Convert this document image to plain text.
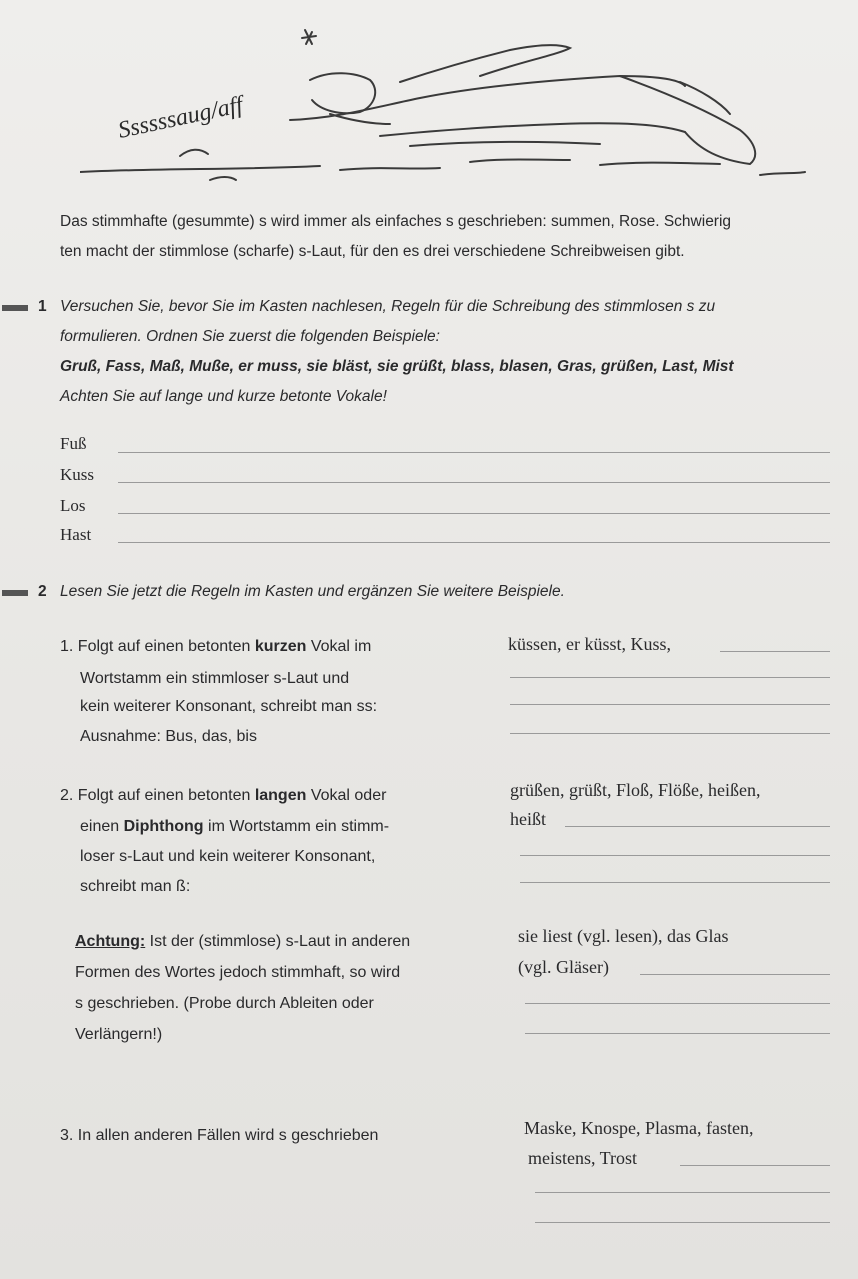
Ssssssaug/aff
Das stimmhafte (gesummte) s wird immer als einfaches s geschrieben: summen, Rose. Schwierig
ten macht der stimmlose (scharfe) s-Laut, für den es drei verschiedene Schreibweisen gibt.
1 Versuchen Sie, bevor Sie im Kasten nachlesen, Regeln für die Schreibung des stimmlosen s zu
formulieren. Ordnen Sie zuerst die folgenden Beispiele:
Gruß, Fass, Maß, Muße, er muss, sie bläst, sie grüßt, blass, blasen, Gras, grüßen, Last, Mist
Achten Sie auf lange und kurze betonte Vokale!
Fuß
Kuss
Los
Hast
2 Lesen Sie jetzt die Regeln im Kasten und ergänzen Sie weitere Beispiele.
1. Folgt auf einen betonten kurzen Vokal im
Wortstamm ein stimmloser s-Laut und
kein weiterer Konsonant, schreibt man ss:
Ausnahme: Bus, das, bis
küssen, er küsst, Kuss,
2. Folgt auf einen betonten langen Vokal oder
einen Diphthong im Wortstamm ein stimm-
loser s-Laut und kein weiterer Konsonant,
schreibt man ß:
grüßen, grüßt, Floß, Flöße, heißen,
heißt
Achtung: Ist der (stimmlose) s-Laut in anderen
Formen des Wortes jedoch stimmhaft, so wird
s geschrieben. (Probe durch Ableiten oder
Verlängern!)
sie liest (vgl. lesen), das Glas
(vgl. Gläser)
3. In allen anderen Fällen wird s geschrieben	Maske, Knospe, Plasma, fasten,
meistens, Trost
